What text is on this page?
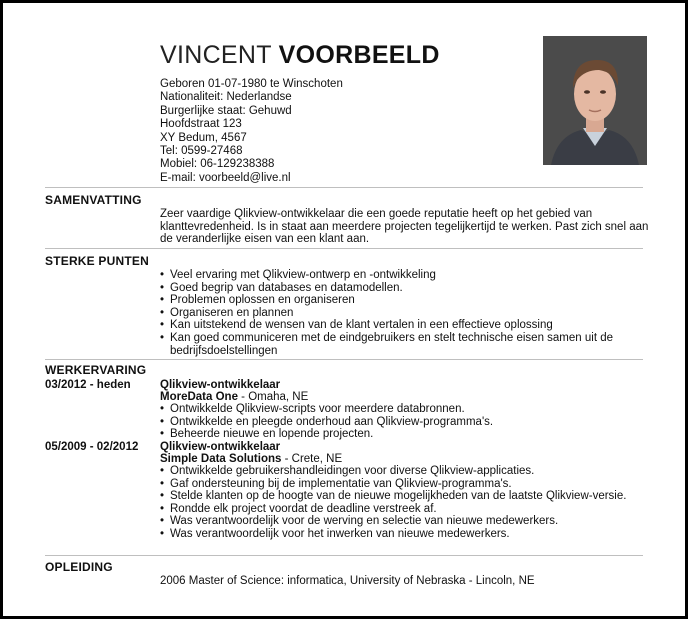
VINCENT VOORBEELD
Geboren 01-07-1980 te Winschoten
Nationaliteit: Nederlandse
Burgerlijke staat: Gehuwd
Hoofdstraat 123
XY Bedum, 4567
Tel: 0599-27468
Mobiel: 06-129238388
E-mail: voorbeeld@live.nl
SAMENVATTING
Zeer vaardige Qlikview-ontwikkelaar die een goede reputatie heeft op het gebied van klanttevredenheid. Is in staat aan meerdere projecten tegelijkertijd te werken. Past zich snel aan de veranderlijke eisen van een klant aan.
STERKE PUNTEN
• Veel ervaring met Qlikview-ontwerp en -ontwikkeling
• Goed begrip van databases en datamodellen.
• Problemen oplossen en organiseren
• Organiseren en plannen
• Kan uitstekend de wensen van de klant vertalen in een effectieve oplossing
• Kan goed communiceren met de eindgebruikers en stelt technische eisen samen uit de bedrijfsdoelstellingen
WERKERVARING
03/2012 - heden	Qlikview-ontwikkelaar
MoreData One - Omaha, NE
• Ontwikkelde Qlikview-scripts voor meerdere databronnen.
• Ontwikkelde en pleegde onderhoud aan Qlikview-programma's.
• Beheerde nieuwe en lopende projecten.
05/2009 - 02/2012 Qlikview-ontwikkelaar
Simple Data Solutions - Crete, NE
• Ontwikkelde gebruikershandleidingen voor diverse Qlikview-applicaties.
• Gaf ondersteuning bij de implementatie van Qlikview-programma's.
• Stelde klanten op de hoogte van de nieuwe mogelijkheden van de laatste Qlikview-versie.
• Rondde elk project voordat de deadline verstreek af.
• Was verantwoordelijk voor de werving en selectie van nieuwe medewerkers.
• Was verantwoordelijk voor het inwerken van nieuwe medewerkers.
OPLEIDING
2006 Master of Science: informatica, University of Nebraska - Lincoln, NE
